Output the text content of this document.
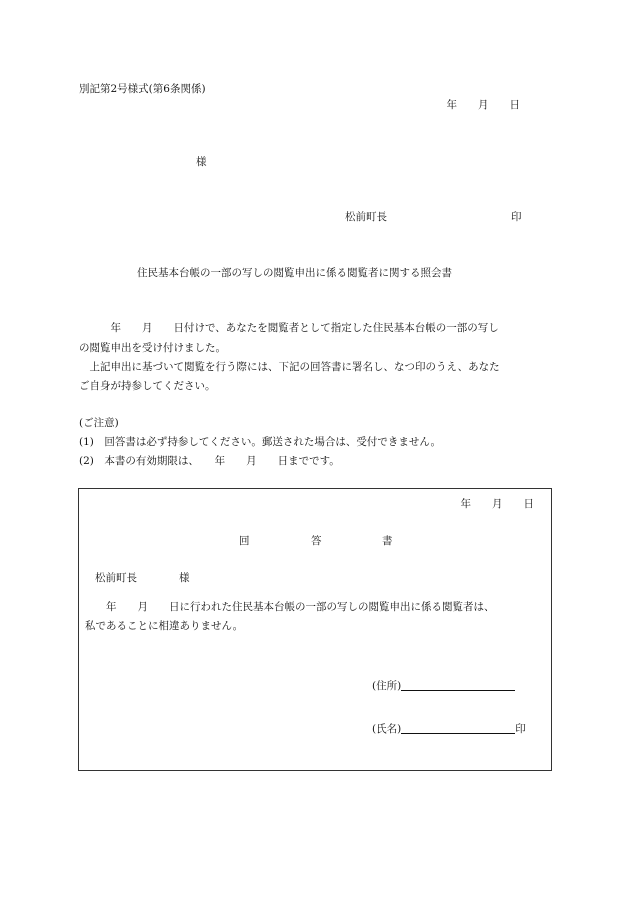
別記第2号様式(第6条関係)
年　　月　　日
様
松前町長	印
住民基本台帳の一部の写しの閲覧申出に係る閲覧者に関する照会書
　　　年　　月　　日付けで、あなたを閲覧者として指定した住民基本台帳の一部の写し
の閲覧申出を受け付けました。
　上記申出に基づいて閲覧を行う際には、下記の回答書に署名し、なつ印のうえ、あなた
ご自身が持参してください。
(ご注意)
(1)　回答書は必ず持参してください。郵送された場合は、受付できません。
(2)　本書の有効期限は、　　年　　月　　日までです。
年　　月　　日
回	答	書
松前町長　　　　様
　　年　　月　　日に行われた住民基本台帳の一部の写しの閲覧申出に係る閲覧者は、
私であることに相違ありません。
(住所)
(氏名)	印
